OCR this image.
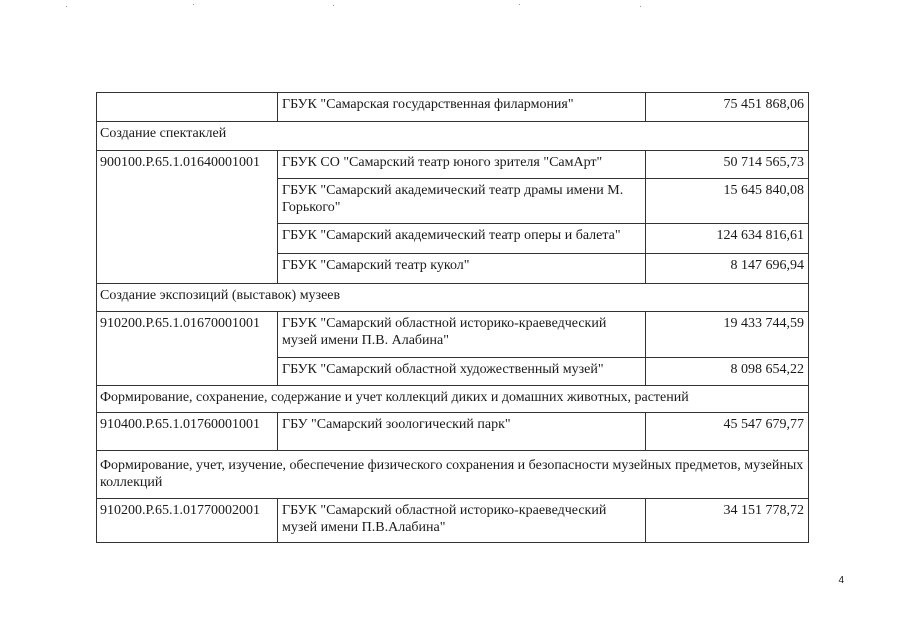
	ГБУК "Самарская государственная филармония"	75 451 868,06
Создание спектаклей		
900100.Р.65.1.01640001001	ГБУК СО "Самарский театр юного зрителя "СамАрт"	50 714 565,73
	ГБУК "Самарский академический театр драмы имени М. Горького"	15 645 840,08
	ГБУК "Самарский академический театр оперы и балета"	124 634 816,61
	ГБУК "Самарский театр кукол"	8 147 696,94
Создание экспозиций (выставок) музеев		
910200.Р.65.1.01670001001	ГБУК "Самарский областной историко-краеведческий музей имени П.В. Алабина"	19 433 744,59
	ГБУК "Самарский областной художественный музей"	8 098 654,22
Формирование, сохранение, содержание и учет коллекций диких и домашних животных, растений		
910400.Р.65.1.01760001001	ГБУ "Самарский зоологический парк"	45 547 679,77
Формирование, учет, изучение, обеспечение физического сохранения и безопасности музейных предметов, музейных коллекций		
910200.Р.65.1.01770002001	ГБУК "Самарский областной историко-краеведческий музей имени П.В.Алабина"	34 151 778,72
4
